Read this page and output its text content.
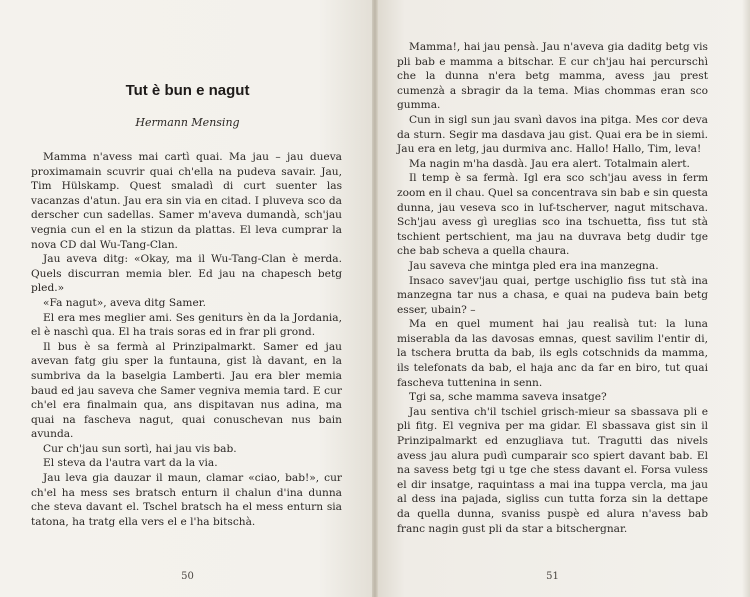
Tut è bun e nagut
Hermann Mensing

Mamma n'avess mai cartì quai. Ma jau – jau dueva proximamain scuvrir quai ch'ella na pudeva savair. Jau, Tim Hülskamp. Quest smaladì di curt suenter las vacanzas d'atun. Jau era sin via en citad. I pluveva sco da derscher cun sadellas. Samer m'aveva dumandà, sch'jau vegnia cun el en la stizun da plattas. El leva cumprar la nova CD dal Wu-Tang-Clan.

Jau aveva ditg: «Okay, ma il Wu-Tang-Clan è merda. Quels discurran memia bler. Ed jau na chapesch betg pled.»

«Fa nagut», aveva ditg Samer.

El era mes meglier ami. Ses geniturs èn da la Jordania, el è naschì qua. El ha trais soras ed in frar pli grond.

Il bus è sa fermà al Prinzipalmarkt. Samer ed jau avevan fatg giu sper la funtauna, gist là davant, en la sumbriva da la baselgia Lamberti. Jau era bler memia baud ed jau saveva che Samer vegniva memia tard. E cur ch'el era finalmain qua, ans dispitavan nus adina, ma quai na fascheva nagut, quai conuschevan nus bain avunda.

Cur ch'jau sun sortì, hai jau vis bab.

El steva da l'autra vart da la via.

Jau leva gia dauzar il maun, clamar «ciao, bab!», cur ch'el ha mess ses bratsch enturn il chalun d'ina dunna che steva davant el. Tschel bratsch ha el mess enturn sia tatona, ha tratg ella vers el e l'ha bitschà.

50

Mamma!, hai jau pensà. Jau n'aveva gia daditg betg vis pli bab e mamma a bitschar. E cur ch'jau hai percurschì che la dunna n'era betg mamma, avess jau prest cumenzà a sbragir da la tema. Mias chommas eran sco gumma.

Cun in sigl sun jau svanì davos ina pitga. Mes cor deva da sturn. Segir ma dasdava jau gist. Quai era be in siemi. Jau era en letg, jau durmiva anc. Hallo! Hallo, Tim, leva!

Ma nagin m'ha dasdà. Jau era alert. Totalmain alert.

Il temp è sa fermà. Igl era sco sch'jau avess in ferm zoom en il chau. Quel sa concentrava sin bab e sin questa dunna, jau veseva sco in luf-tscherver, nagut mitschava. Sch'jau avess gì ureglias sco ina tschuetta, fiss tut stà tschient pertschient, ma jau na duvrava betg dudir tge che bab scheva a quella chaura.

Jau saveva che mintga pled era ina manzegna.

Insaco savev'jau quai, pertge uschiglio fiss tut stà ina manzegna tar nus a chasa, e quai na pudeva bain betg esser, ubain? –

Ma en quel mument hai jau realisà tut: la luna miserabla da las davosas emnas, quest savilim l'entir di, la tschera brutta da bab, ils egls cotschnids da mamma, ils telefonats da bab, el haja anc da far en biro, tut quai fascheva tuttenina in senn.

Tgi sa, sche mamma saveva insatge?

Jau sentiva ch'il tschiel grisch-mieur sa sbassava pli e pli fitg. El vegniva per ma gidar. El sbassava gist sin il Prinzipalmarkt ed enzugliava tut. Tragutti das nivels avess jau alura pudì cumparair sco spiert davant bab. El na savess betg tgi u tge che stess davant el. Forsa vuless el dir insatge, raquintass a mai ina tuppa vercla, ma jau al dess ina pajada, sigliss cun tutta forza sin la dettape da quella dunna, svaniss puspè ed alura n'avess bab franc nagin gust pli da star a bitschergnar.

51
